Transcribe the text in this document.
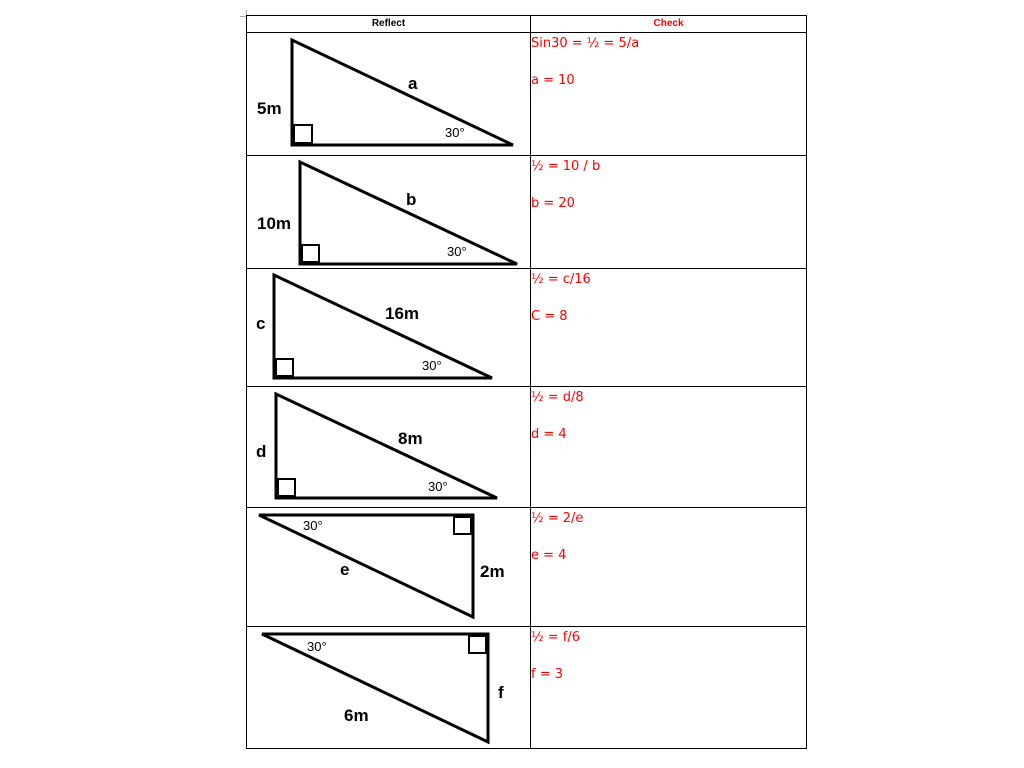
Reflect	Check

5m
a
30°	Sin30 = ½ = 5/a
a = 10

10m
b
30°	½ = 10 / b
b = 20

c
16m
30°	½ = c/16
C = 8

d
8m
30°	½ = d/8
d = 4

2m
e
30°	½ = 2/e
e = 4

f
6m
30°	½ = f/6
f = 3
